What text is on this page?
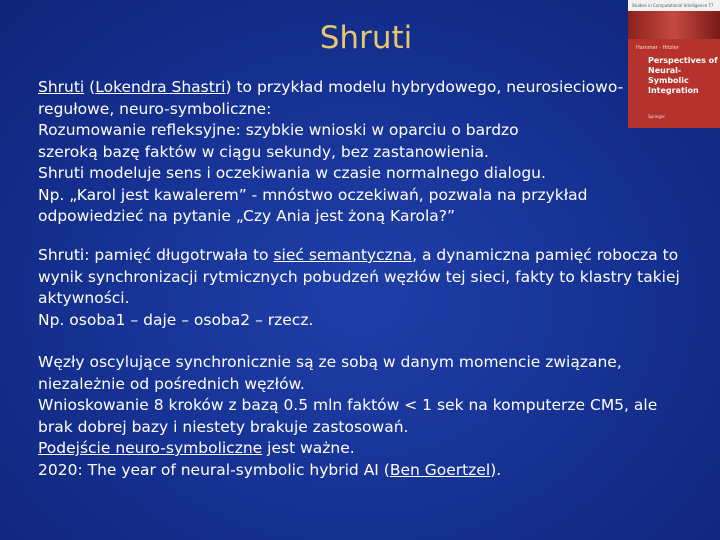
Shruti
Studies in Computational Intelligence 77
Hammer · Hitzler
Perspectives of Neural-Symbolic Integration
Springer
Shruti (Lokendra Shastri) to przykład modelu hybrydowego, neurosieciowo-
regułowe, neuro-symboliczne:
Rozumowanie refleksyjne: szybkie wnioski w oparciu o bardzo
szeroką bazę faktów w ciągu sekundy, bez zastanowienia.
Shruti modeluje sens i oczekiwania w czasie normalnego dialogu.
Np. „Karol jest kawalerem” - mnóstwo oczekiwań, pozwala na przykład
odpowiedzieć na pytanie „Czy Ania jest żoną Karola?”
Shruti: pamięć długotrwała to sieć semantyczna, a dynamiczna pamięć robocza to
wynik synchronizacji rytmicznych pobudzeń węzłów tej sieci, fakty to klastry takiej
aktywności.
Np. osoba1 – daje – osoba2 – rzecz.
Węzły oscylujące synchronicznie są ze sobą w danym momencie związane,
niezależnie od pośrednich węzłów.
Wnioskowanie 8 kroków z bazą 0.5 mln faktów < 1 sek na komputerze CM5, ale
brak dobrej bazy i niestety brakuje zastosowań.
Podejście neuro-symboliczne jest ważne.
2020: The year of neural-symbolic hybrid AI (Ben Goertzel).
